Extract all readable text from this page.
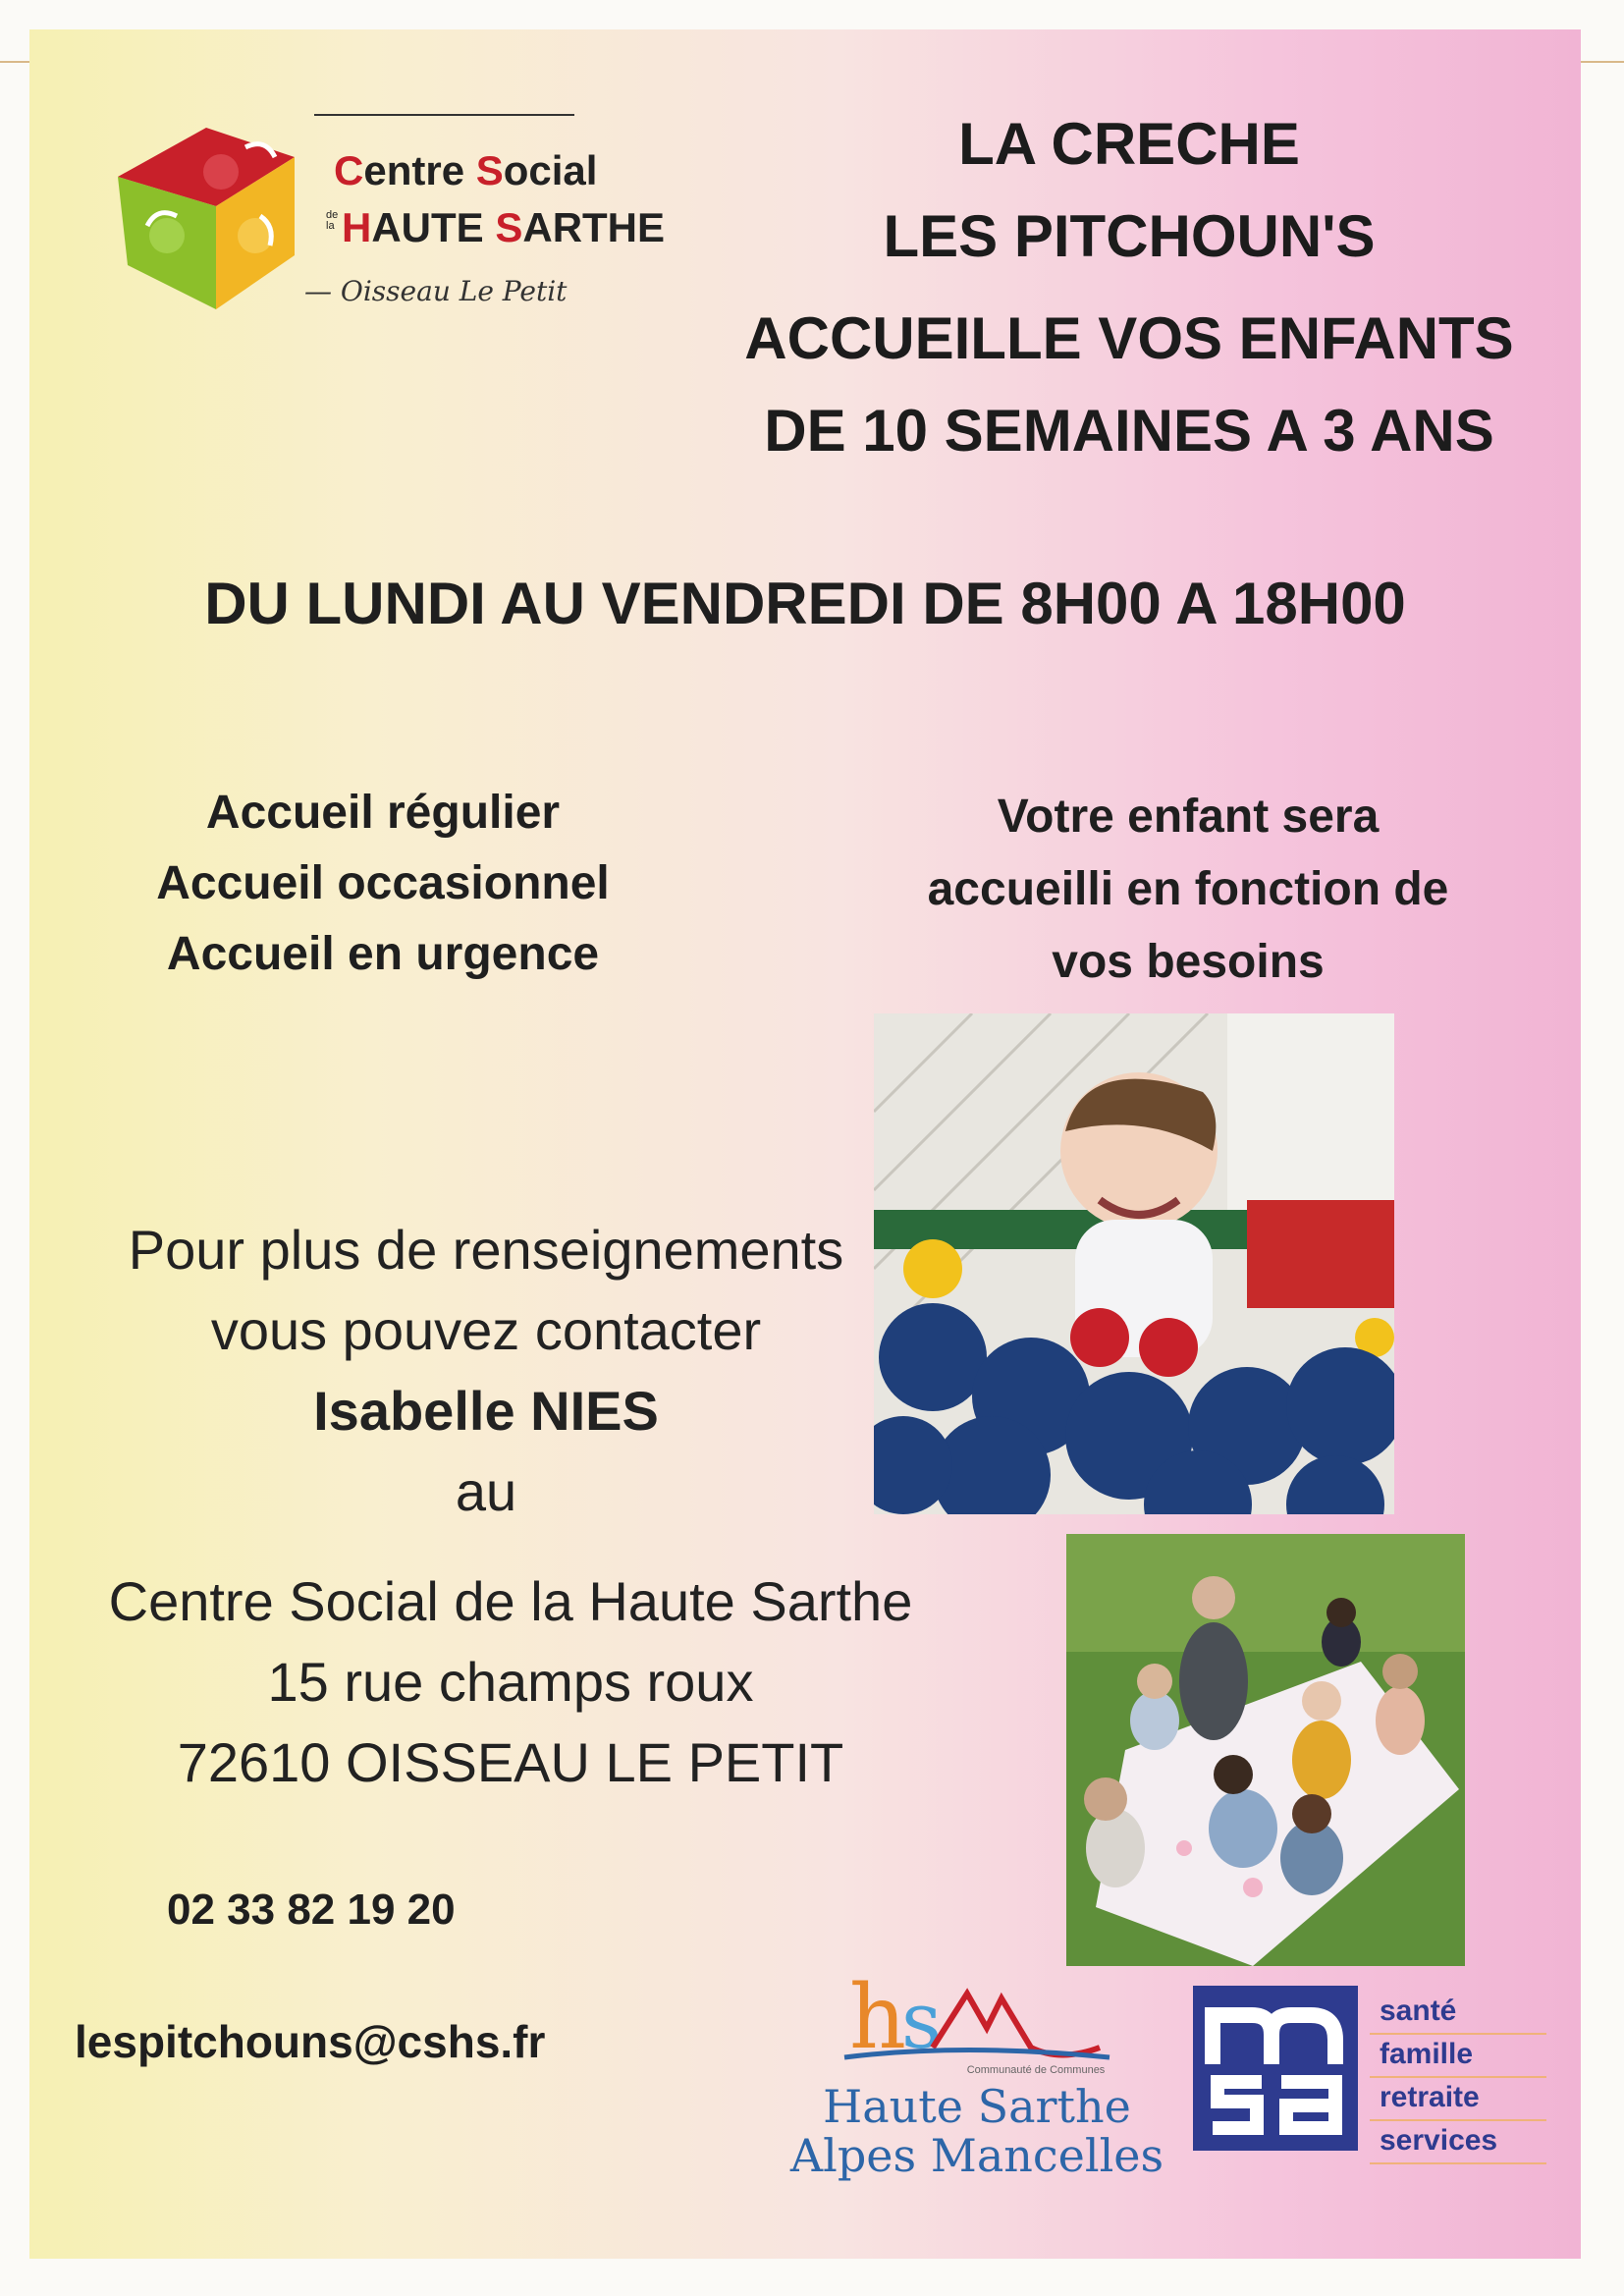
Centre Social
de la HAUTE SARTHE
— Oisseau Le Petit
LA CRECHE
LES PITCHOUN'S
ACCUEILLE VOS ENFANTS
DE 10 SEMAINES A 3 ANS
DU LUNDI AU VENDREDI DE 8H00 A 18H00
Accueil régulier
Accueil occasionnel
Accueil en urgence
Votre enfant sera
accueilli en fonction de
vos besoins
Pour plus de renseignements
vous pouvez contacter
Isabelle NIES
au
Centre Social de la Haute Sarthe
15 rue champs roux
72610 OISSEAU LE PETIT
02 33 82 19 20
lespitchouns@cshs.fr	h
s
Communauté de Communes
Haute Sarthe
Alpes Mancelles
santé
famille
retraite
services
